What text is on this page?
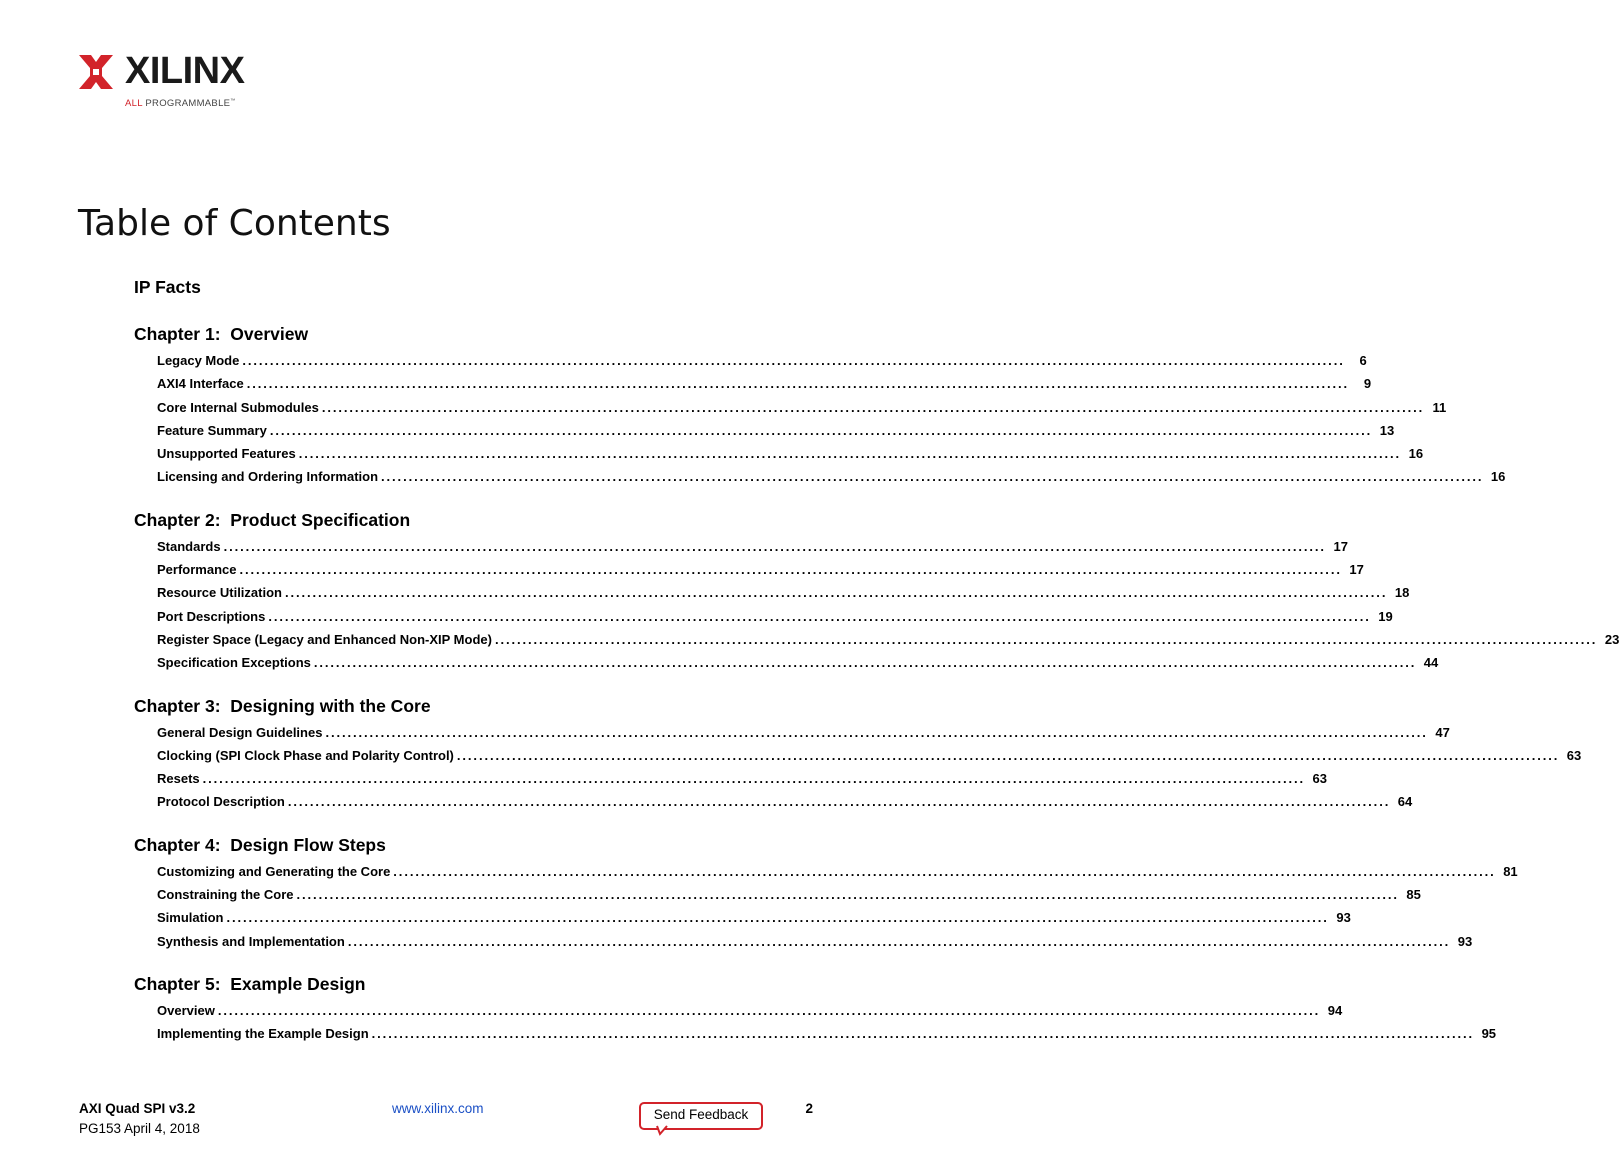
XILINX
ALL PROGRAMMABLE™
Table of Contents
IP Facts
Chapter 1:  Overview
Legacy Mode ........................................................................................................................................................................................................	6
AXI4 Interface ........................................................................................................................................................................................................	9
Core Internal Submodules ........................................................................................................................................................................................................ 11
Feature Summary ........................................................................................................................................................................................................ 13
Unsupported Features ........................................................................................................................................................................................................ 16
Licensing and Ordering Information ........................................................................................................................................................................................................ 16
Chapter 2:  Product Specification
Standards ........................................................................................................................................................................................................ 17
Performance ........................................................................................................................................................................................................ 17
Resource Utilization ........................................................................................................................................................................................................ 18
Port Descriptions ........................................................................................................................................................................................................ 19
Register Space (Legacy and Enhanced Non-XIP Mode) ........................................................................................................................................................................................................ 23
Specification Exceptions ........................................................................................................................................................................................................ 44
Chapter 3:  Designing with the Core
General Design Guidelines ........................................................................................................................................................................................................ 47
Clocking (SPI Clock Phase and Polarity Control) ........................................................................................................................................................................................................ 63
Resets ........................................................................................................................................................................................................ 63
Protocol Description ........................................................................................................................................................................................................ 64
Chapter 4:  Design Flow Steps
Customizing and Generating the Core ........................................................................................................................................................................................................ 81
Constraining the Core ........................................................................................................................................................................................................ 85
Simulation ........................................................................................................................................................................................................ 93
Synthesis and Implementation ........................................................................................................................................................................................................ 93
Chapter 5:  Example Design
Overview ........................................................................................................................................................................................................ 94
Implementing the Example Design ........................................................................................................................................................................................................ 95
AXI Quad SPI v3.2
PG153 April 4, 2018
www.xilinx.com	Send Feedback	2
